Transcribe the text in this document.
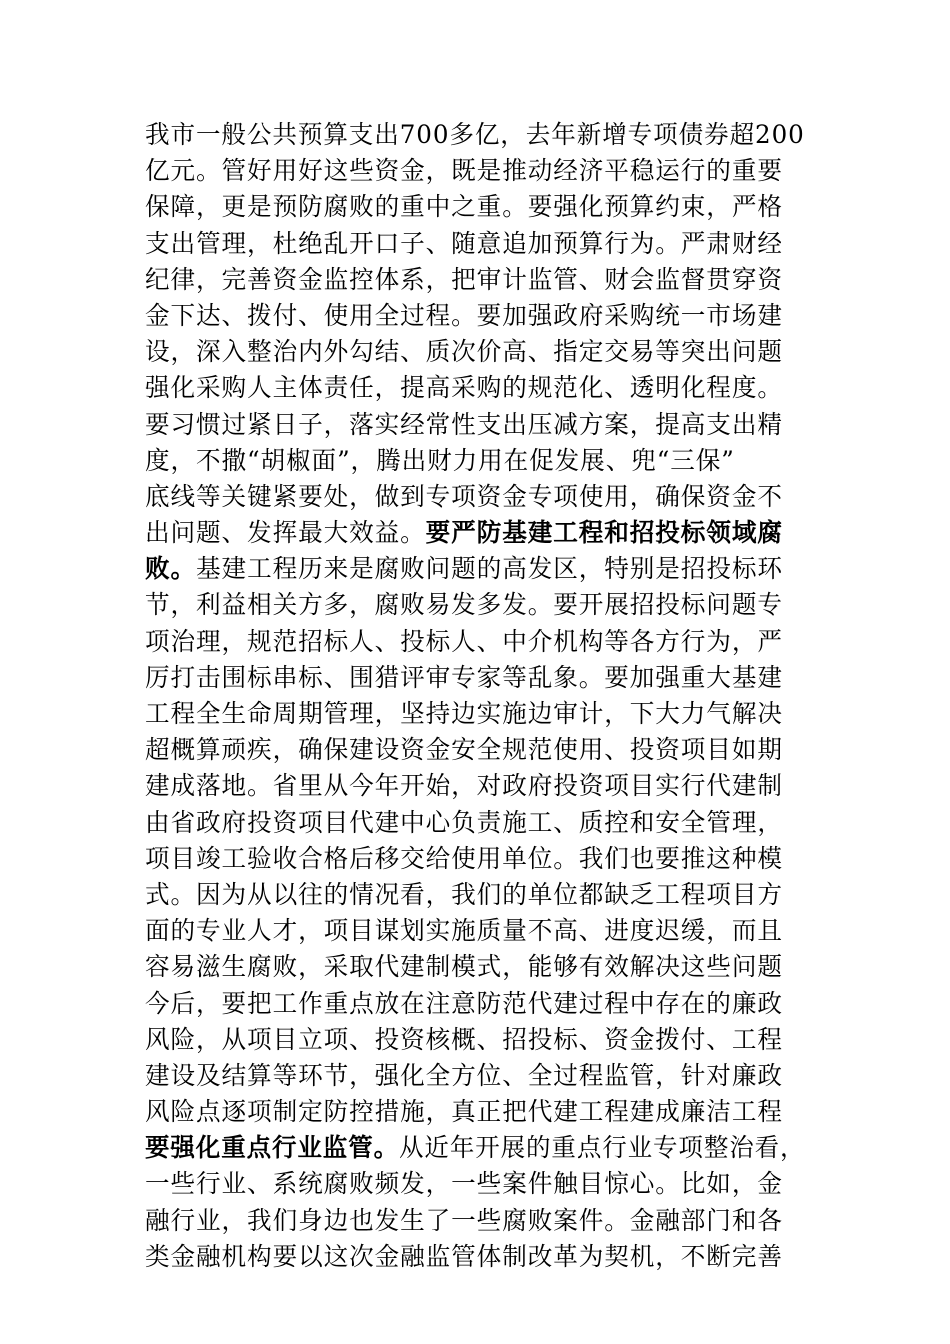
我市一般公共预算支出700多亿，去年新增专项债券超200
亿元。管好用好这些资金，既是推动经济平稳运行的重要
保障，更是预防腐败的重中之重。要强化预算约束，严格
支出管理，杜绝乱开口子、随意追加预算行为。严肃财经
纪律，完善资金监控体系，把审计监管、财会监督贯穿资
金下达、拨付、使用全过程。要加强政府采购统一市场建
设，深入整治内外勾结、质次价高、指定交易等突出问题
强化采购人主体责任，提高采购的规范化、透明化程度。
要习惯过紧日子，落实经常性支出压减方案，提高支出精
度，不撒“胡椒面”，腾出财力用在促发展、兜“三保”
底线等关键紧要处，做到专项资金专项使用，确保资金不
出问题、发挥最大效益。要严防基建工程和招投标领域腐
败。基建工程历来是腐败问题的高发区，特别是招投标环
节，利益相关方多，腐败易发多发。要开展招投标问题专
项治理，规范招标人、投标人、中介机构等各方行为，严
厉打击围标串标、围猎评审专家等乱象。要加强重大基建
工程全生命周期管理，坚持边实施边审计，下大力气解决
超概算顽疾，确保建设资金安全规范使用、投资项目如期
建成落地。省里从今年开始，对政府投资项目实行代建制
由省政府投资项目代建中心负责施工、质控和安全管理，
项目竣工验收合格后移交给使用单位。我们也要推这种模
式。因为从以往的情况看，我们的单位都缺乏工程项目方
面的专业人才，项目谋划实施质量不高、进度迟缓，而且
容易滋生腐败，采取代建制模式，能够有效解决这些问题
今后，要把工作重点放在注意防范代建过程中存在的廉政
风险，从项目立项、投资核概、招投标、资金拨付、工程
建设及结算等环节，强化全方位、全过程监管，针对廉政
风险点逐项制定防控措施，真正把代建工程建成廉洁工程
要强化重点行业监管。从近年开展的重点行业专项整治看，
一些行业、系统腐败频发，一些案件触目惊心。比如，金
融行业，我们身边也发生了一些腐败案件。金融部门和各
类金融机构要以这次金融监管体制改革为契机，不断完善
